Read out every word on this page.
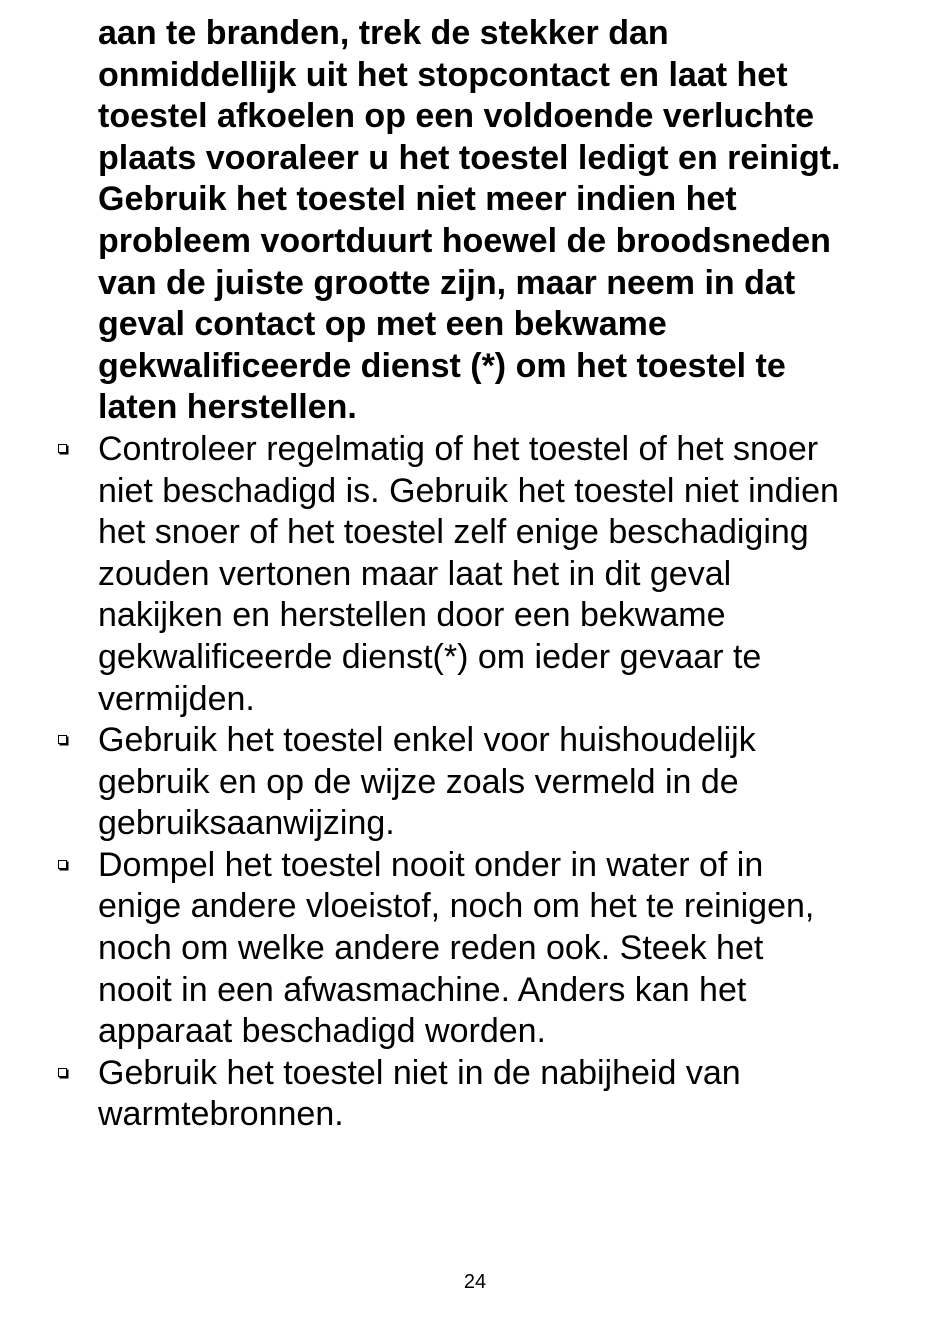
aan te branden, trek de stekker dan
onmiddellijk uit het stopcontact en laat het
toestel afkoelen op een voldoende verluchte
plaats vooraleer u het toestel ledigt en reinigt.
Gebruik het toestel niet meer indien het
probleem voortduurt hoewel de broodsneden
van de juiste grootte zijn, maar neem in dat
geval contact op met een bekwame
gekwalificeerde dienst (*) om het toestel te
laten herstellen.

Controleer regelmatig of het toestel of het snoer
niet beschadigd is. Gebruik het toestel niet indien
het snoer of het toestel zelf enige beschadiging
zouden vertonen maar laat het in dit geval
nakijken en herstellen door een bekwame
gekwalificeerde dienst(*) om ieder gevaar te
vermijden.

Gebruik het toestel enkel voor huishoudelijk
gebruik en op de wijze zoals vermeld in de
gebruiksaanwijzing.

Dompel het toestel nooit onder in water of in
enige andere vloeistof, noch om het te reinigen,
noch om welke andere reden ook. Steek het
nooit in een afwasmachine. Anders kan het
apparaat beschadigd worden.

Gebruik het toestel niet in de nabijheid van
warmtebronnen.

24
